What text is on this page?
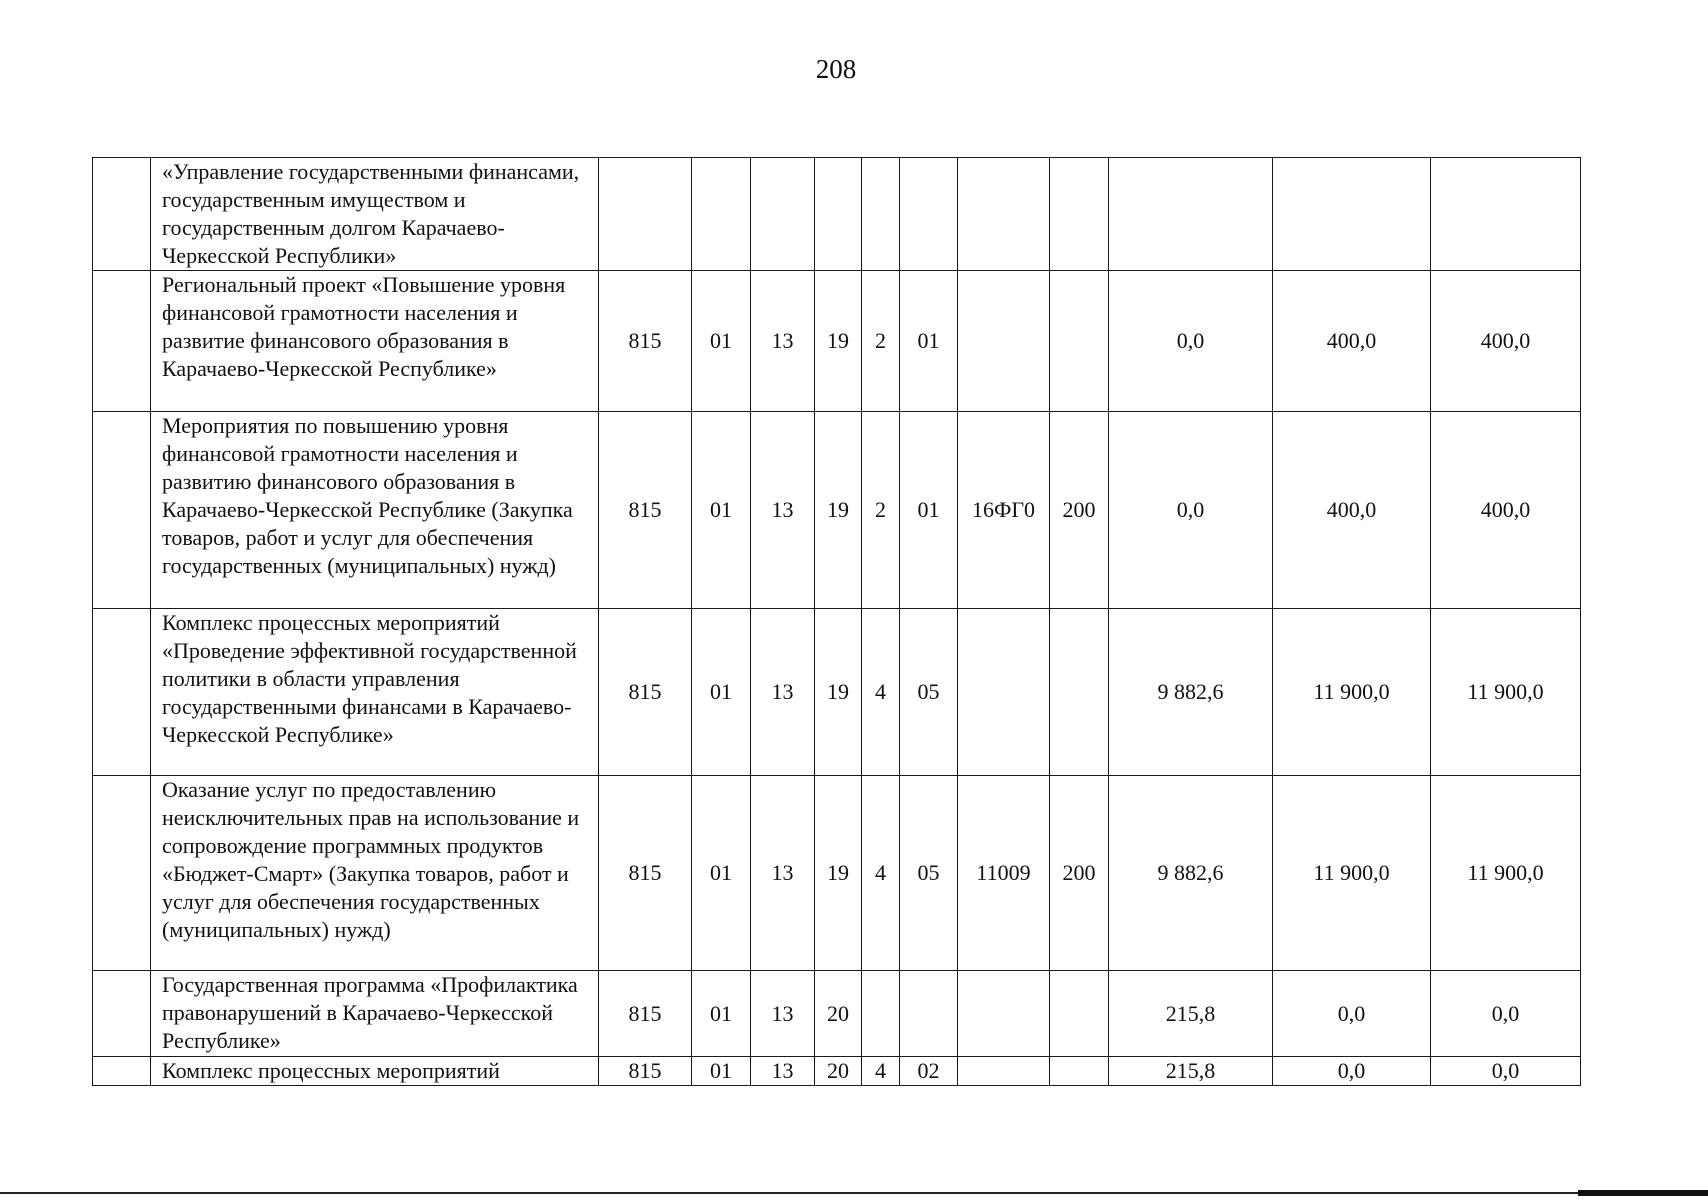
208
	«Управление государственными финансами, государственным имуществом и государственным долгом Карачаево-Черкесской Республики»											
	Региональный проект «Повышение уровня финансовой грамотности населения и развитие финансового образования в Карачаево-Черкесской Республике»	815	01	13	19	2	01			0,0	400,0	400,0
	Мероприятия по повышению уровня финансовой грамотности населения и развитию финансового образования в Карачаево-Черкесской Республике (Закупка товаров, работ и услуг для обеспечения государственных (муниципальных) нужд)	815	01	13	19	2	01	16ФГ0	200	0,0	400,0	400,0
	Комплекс процессных мероприятий «Проведение эффективной государственной политики в области управления государственными финансами в Карачаево-Черкесской Республике»	815	01	13	19	4	05			9 882,6	11 900,0	11 900,0
	Оказание услуг по предоставлению неисключительных прав на использование и сопровождение программных продуктов «Бюджет-Смарт» (Закупка товаров, работ и услуг для обеспечения государственных (муниципальных) нужд)	815	01	13	19	4	05	11009	200	9 882,6	11 900,0	11 900,0
	Государственная программа «Профилактика правонарушений в Карачаево-Черкесской Республике»	815	01	13	20					215,8	0,0	0,0
	Комплекс процессных мероприятий	815	01	13	20	4	02			215,8	0,0	0,0
